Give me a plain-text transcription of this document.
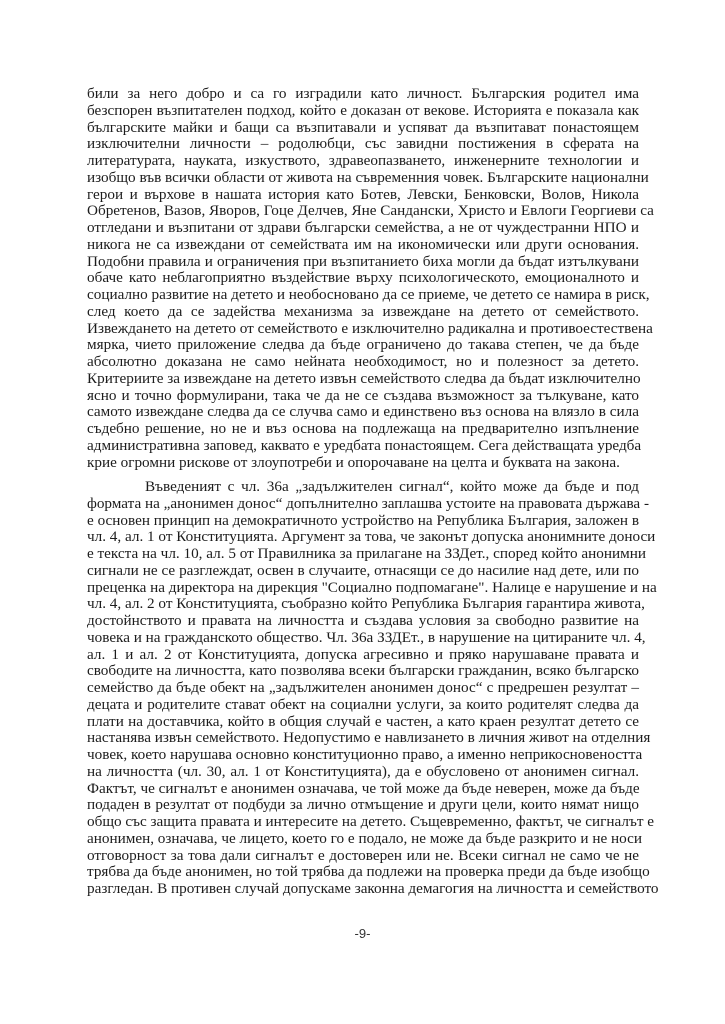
били за него добро и са го изградили като личност. Българския родител има
безспорен възпитателен подход, който е доказан от векове. Историята е показала как
българските майки и бащи са възпитавали и успяват да възпитават понастоящем
изключителни личности – родолюбци, със завидни постижения в сферата на
литературата, науката, изкуството, здравеопазването, инженерните технологии и
изобщо във всички области от живота на съвременния човек. Българските национални
герои и върхове в нашата история като Ботев, Левски, Бенковски, Волов, Никола
Обретенов, Вазов, Яворов, Гоце Делчев, Яне Сандански, Христо и Евлоги Георгиеви са
отгледани и възпитани от здрави български семейства, а не от чуждестранни НПО и
никога не са извеждани от семействата им на икономически или други основания.
Подобни правила и ограничения при възпитанието биха могли да бъдат изтълкувани
обаче като неблагоприятно въздействие върху психологическото, емоционалното и
социално развитие на детето и необосновано да се приеме, че детето се намира в риск,
след което да се задейства механизма за извеждане на детето от семейството.
Извеждането на детето от семейството е изключително радикална и противоестествена
мярка, чието приложение следва да бъде ограничено до такава степен, че да бъде
абсолютно доказана не само нейната необходимост, но и полезност за детето.
Критериите за извеждане на детето извън семейството следва да бъдат изключително
ясно и точно формулирани, така че да не се създава възможност за тълкуване, като
самото извеждане следва да се случва само и единствено въз основа на влязло в сила
съдебно решение, но не и въз основа на подлежаща на предварително изпълнение
административна заповед, каквато е уредбата понастоящем. Сега действащата уредба
крие огромни рискове от злоупотреби и опорочаване на целта и буквата на закона.
Въведеният с чл. 36а „задължителен сигнал“, който може да бъде и под
формата на „анонимен донос“ допълнително заплашва устоите на правовата държава -
е основен принцип на демократичното устройство на Република България, заложен в
чл. 4, ал. 1 от Конституцията. Аргумент за това, че законът допуска анонимните доноси
е текста на чл. 10, ал. 5 от Правилника за прилагане на ЗЗДет., според който анонимни
сигнали не се разглеждат, освен в случаите, отнасящи се до насилие над дете, или по
преценка на директора на дирекция "Социално подпомагане". Налице е нарушение и на
чл. 4, ал. 2 от Конституцията, съобразно който Република България гарантира живота,
достойнството и правата на личността и създава условия за свободно развитие на
човека и на гражданското общество. Чл. 36а ЗЗДЕт., в нарушение на цитираните чл. 4,
ал. 1 и ал. 2 от Конституцията, допуска агресивно и пряко нарушаване правата и
свободите на личността, като позволява всеки български гражданин, всяко българско
семейство да бъде обект на „задължителен анонимен донос“ с предрешен резултат –
децата и родителите стават обект на социални услуги, за които родителят следва да
плати на доставчика, който в общия случай е частен, а като краен резултат детето се
настанява извън семейството. Недопустимо е навлизането в личния живот на отделния
човек, което нарушава основно конституционно право, а именно неприкосновеността
на личността (чл. 30, ал. 1 от Конституцията), да е обусловено от анонимен сигнал.
Фактът, че сигналът е анонимен означава, че той може да бъде неверен, може да бъде
подаден в резултат от подбуди за лично отмъщение и други цели, които нямат нищо
общо със защита правата и интересите на детето. Същевременно, фактът, че сигналът е
анонимен, означава, че лицето, което го е подало, не може да бъде разкрито и не носи
отговорност за това дали сигналът е достоверен или не. Всеки сигнал не само че не
трябва да бъде анонимен, но той трябва да подлежи на проверка преди да бъде изобщо
разгледан. В противен случай допускаме законна демагогия на личността и семейството
-9-
